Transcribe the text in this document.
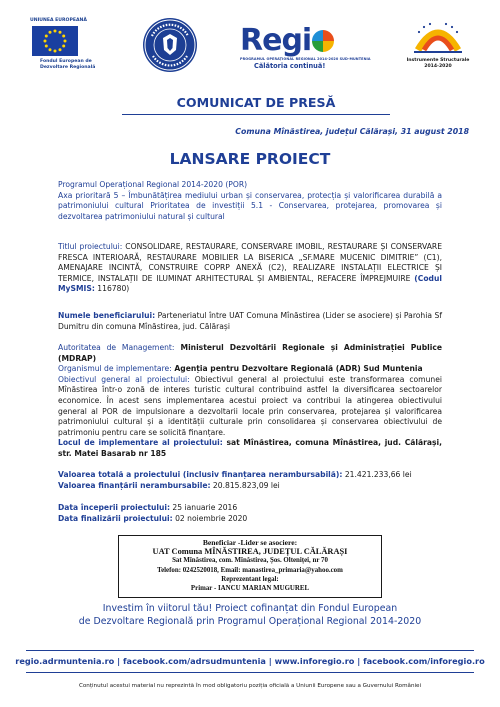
UNIUNEA EUROPEANĂ
Fondul European de
Dezvoltare Regională
Regi
PROGRAMUL OPERAȚIONAL REGIONAL 2014-2020 SUD-MUNTENIA
Călătoria continuă!
Instrumente Structurale
2014-2020
COMUNICAT DE PRESĂ
Comuna Mînăstirea, județul Călărași, 31 august 2018
LANSARE PROIECT
Programul Operațional Regional 2014-2020 (POR)
Axa prioritară 5 – Îmbunătățirea mediului urban și conservarea, protecția și valorificarea durabilă a patrimoniului cultural Prioritatea de investiții 5.1 - Conservarea, protejarea, promovarea și dezvoltarea patrimoniului natural și cultural
Titlul proiectului: CONSOLIDARE, RESTAURARE, CONSERVARE IMOBIL, RESTAURARE ȘI CONSERVARE FRESCA INTERIOARĂ, RESTAURARE MOBILIER LA BISERICA „SF.MARE MUCENIC DIMITRIE” (C1), AMENAJARE INCINTĂ, CONSTRUIRE COPRP ANEXĂ (C2), REALIZARE INSTALAȚII ELECTRICE ȘI TERMICE, INSTALAȚII DE ILUMINAT ARHITECTURAL ȘI AMBIENTAL, REFACERE ÎMPREJMUIRE (Codul MySMIS: 116780)
Numele beneficiarului: Parteneriatul între UAT Comuna Mînăstirea (Lider se asociere) și Parohia Sf Dumitru din comuna Mînăstirea, jud. Călărași
Autoritatea de Management: Ministerul Dezvoltării Regionale și Administrației Publice (MDRAP)
Organismul de implementare: Agenția pentru Dezvoltare Regională (ADR) Sud Muntenia
Obiectivul general al proiectului: Obiectivul general al proiectului este transformarea comunei Mînăstirea într-o zonă de interes turistic cultural contribuind astfel la diversificarea sectoarelor economice. În acest sens implementarea acestui proiect va contribui la atingerea obiectivului general al POR de impulsionare a dezvoltarii locale prin conservarea, protejarea și valorificarea patrimoniului cultural și a identității culturale prin consolidarea și conservarea obiectivului de patrimoniu pentru care se solicită finanțare.
Locul de implementare al proiectului: sat Mînăstirea, comuna Mînăstirea, jud. Călărași, str. Matei Basarab nr 185
Valoarea totală a proiectului (inclusiv finanțarea nerambursabilă): 21.421.233,66 lei
Valoarea finanțării nerambursabile: 20.815.823,09 lei
Data începerii proiectului: 25 ianuarie 2016
Data finalizării proiectului: 02 noiembrie 2020
Beneficiar -Lider se asociere:
UAT Comuna MÎNĂSTIREA, JUDEȚUL CĂLĂRAȘI
Sat Mînăstirea, com. Mînăstirea, Șos. Olteniței, nr 70
Telefon: 0242520018, Email: manastirea_primaria@yahoo.com
Reprezentant legal:
Primar - IANCU MARIAN MUGUREL
Investim în viitorul tău! Proiect cofinanțat din Fondul European
de Dezvoltare Regională prin Programul Operațional Regional 2014-2020
regio.adrmuntenia.ro | facebook.com/adrsudmuntenia | www.inforegio.ro | facebook.com/inforegio.ro
Conținutul acestui material nu reprezintă în mod obligatoriu poziția oficială a Uniunii Europene sau a Guvernului României
